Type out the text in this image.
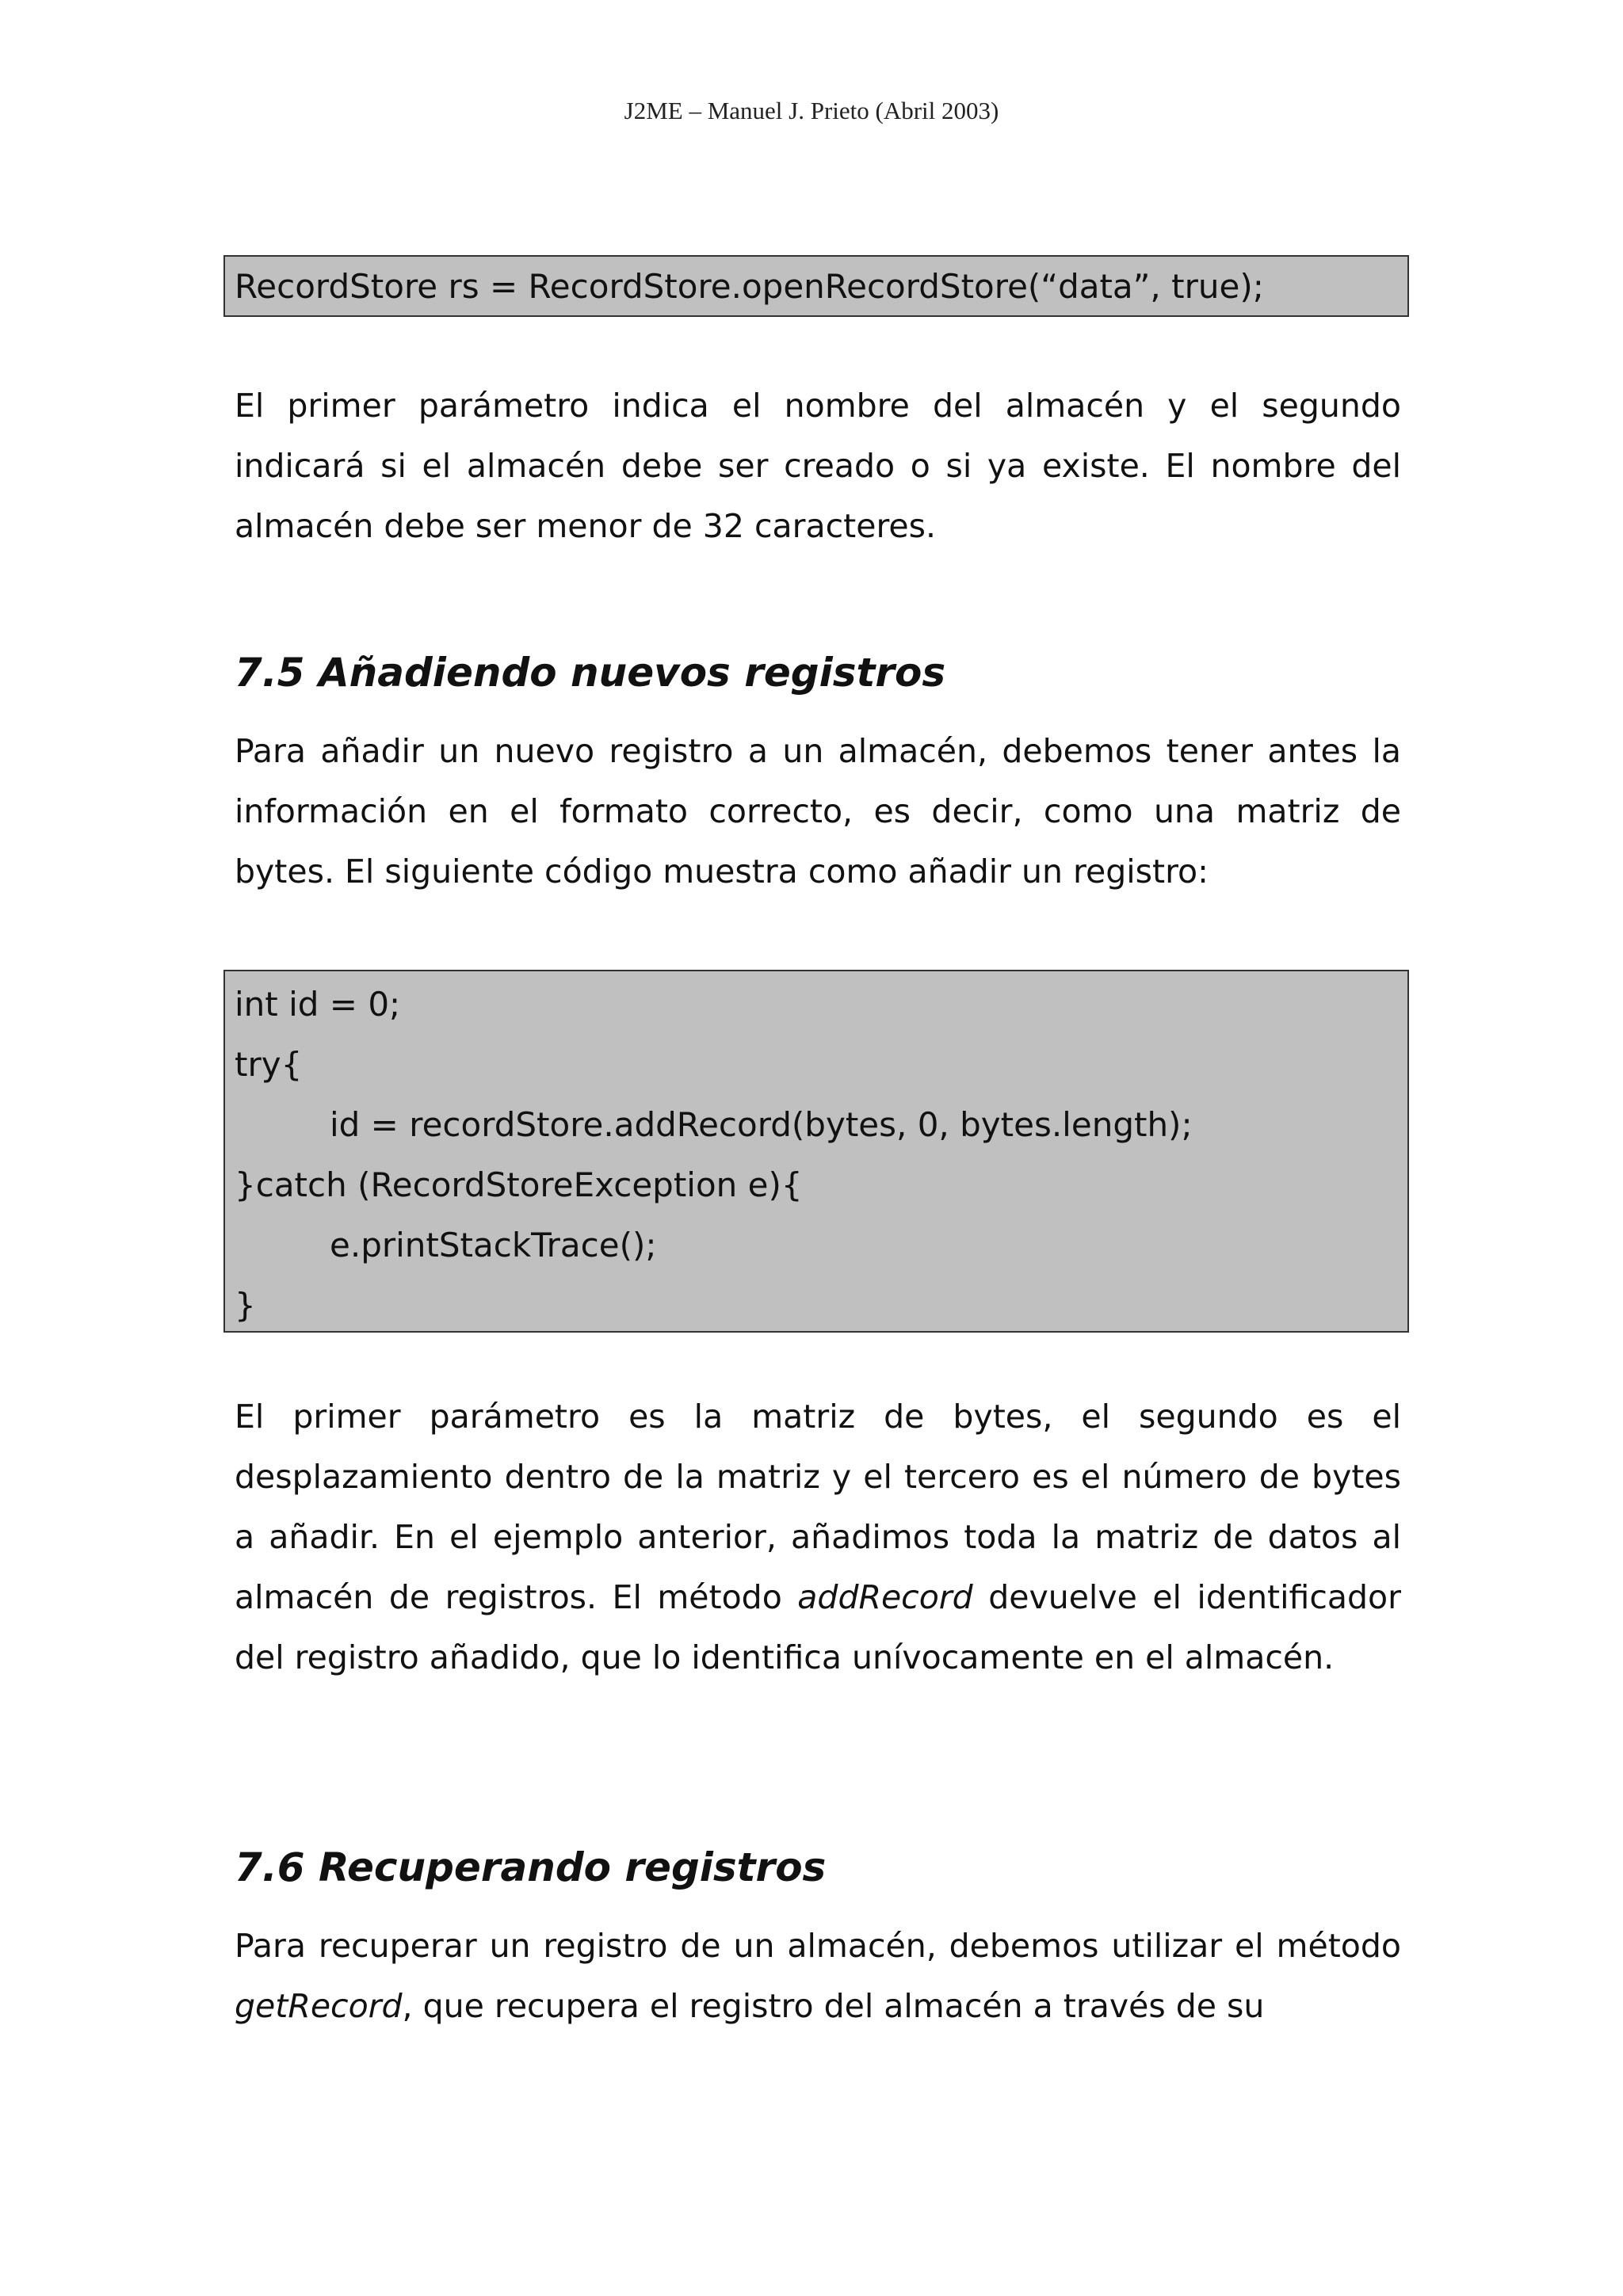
J2ME – Manuel J. Prieto (Abril 2003)
RecordStore rs = RecordStore.openRecordStore(“data”, true);

El primer parámetro indica el nombre del almacén y el segundo indicará si el almacén debe ser creado o si ya existe. El nombre del almacén debe ser menor de 32 caracteres.

7.5 Añadiendo nuevos registros

Para añadir un nuevo registro a un almacén, debemos tener antes la información en el formato correcto, es decir, como una matriz de bytes. El siguiente código muestra como añadir un registro:

int id = 0;
try{
id = recordStore.addRecord(bytes, 0, bytes.length);
}catch (RecordStoreException e){
e.printStackTrace();
}

El primer parámetro es la matriz de bytes, el segundo es el desplazamiento dentro de la matriz y el tercero es el número de bytes a añadir. En el ejemplo anterior, añadimos toda la matriz de datos al almacén de registros. El método addRecord devuelve el identificador del registro añadido, que lo identifica unívocamente en el almacén.

7.6 Recuperando registros

Para recuperar un registro de un almacén, debemos utilizar el método getRecord, que recupera el registro del almacén a través de su
